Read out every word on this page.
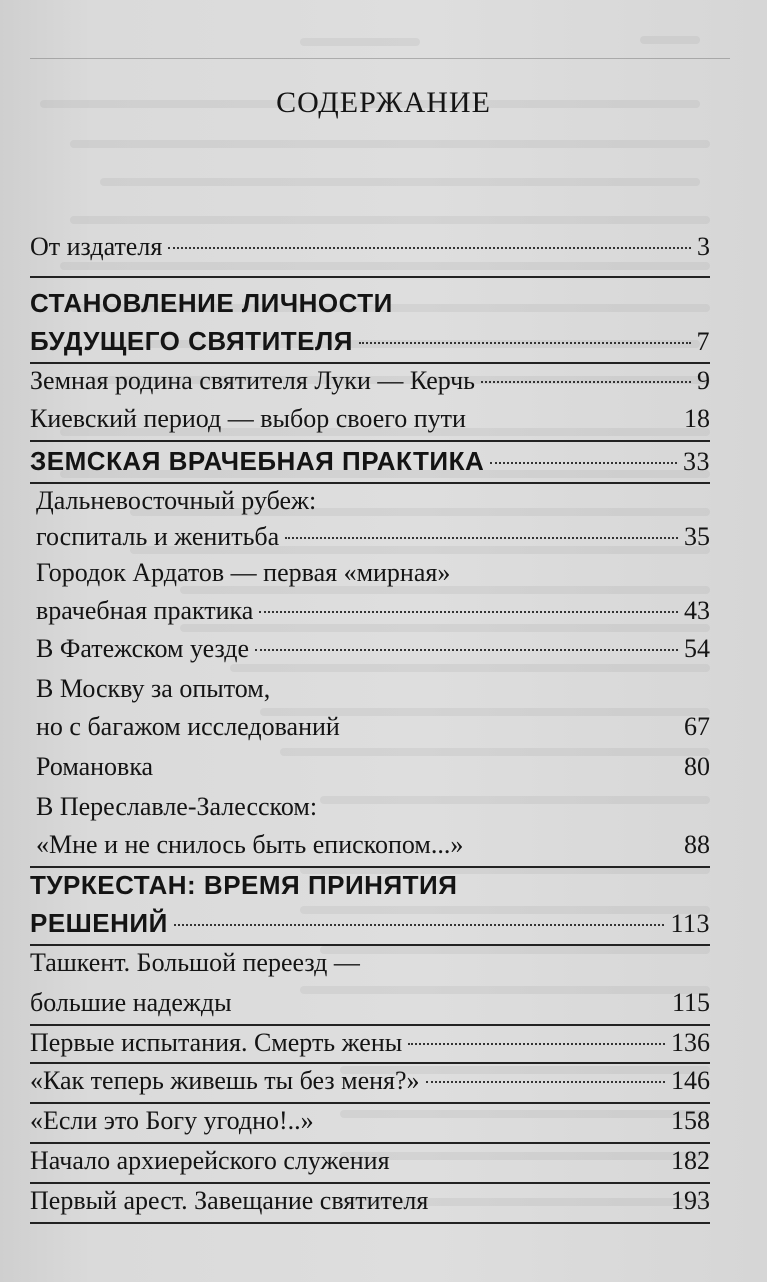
СОДЕРЖАНИЕ
От издателя	3
СТАНОВЛЕНИЕ ЛИЧНОСТИ
БУДУЩЕГО СВЯТИТЕЛЯ	7
Земная родина святителя Луки — Керчь	9
Киевский период — выбор своего пути	18
ЗЕМСКАЯ ВРАЧЕБНАЯ ПРАКТИКА	33
Дальневосточный рубеж:
госпиталь и женитьба	35
Городок Ардатов — первая «мирная»
врачебная практика	43
В Фатежском уезде	54
В Москву за опытом,
но с багажом исследований	67
Романовка	80
В Переславле-Залесском:
«Мне и не снилось быть епископом...»	88
ТУРКЕСТАН: ВРЕМЯ ПРИНЯТИЯ
РЕШЕНИЙ	113
Ташкент. Большой переезд —
большие надежды	115
Первые испытания. Смерть жены	136
«Как теперь живешь ты без меня?»	146
«Если это Богу угодно!..»	158
Начало архиерейского служения	182
Первый арест. Завещание святителя	193
